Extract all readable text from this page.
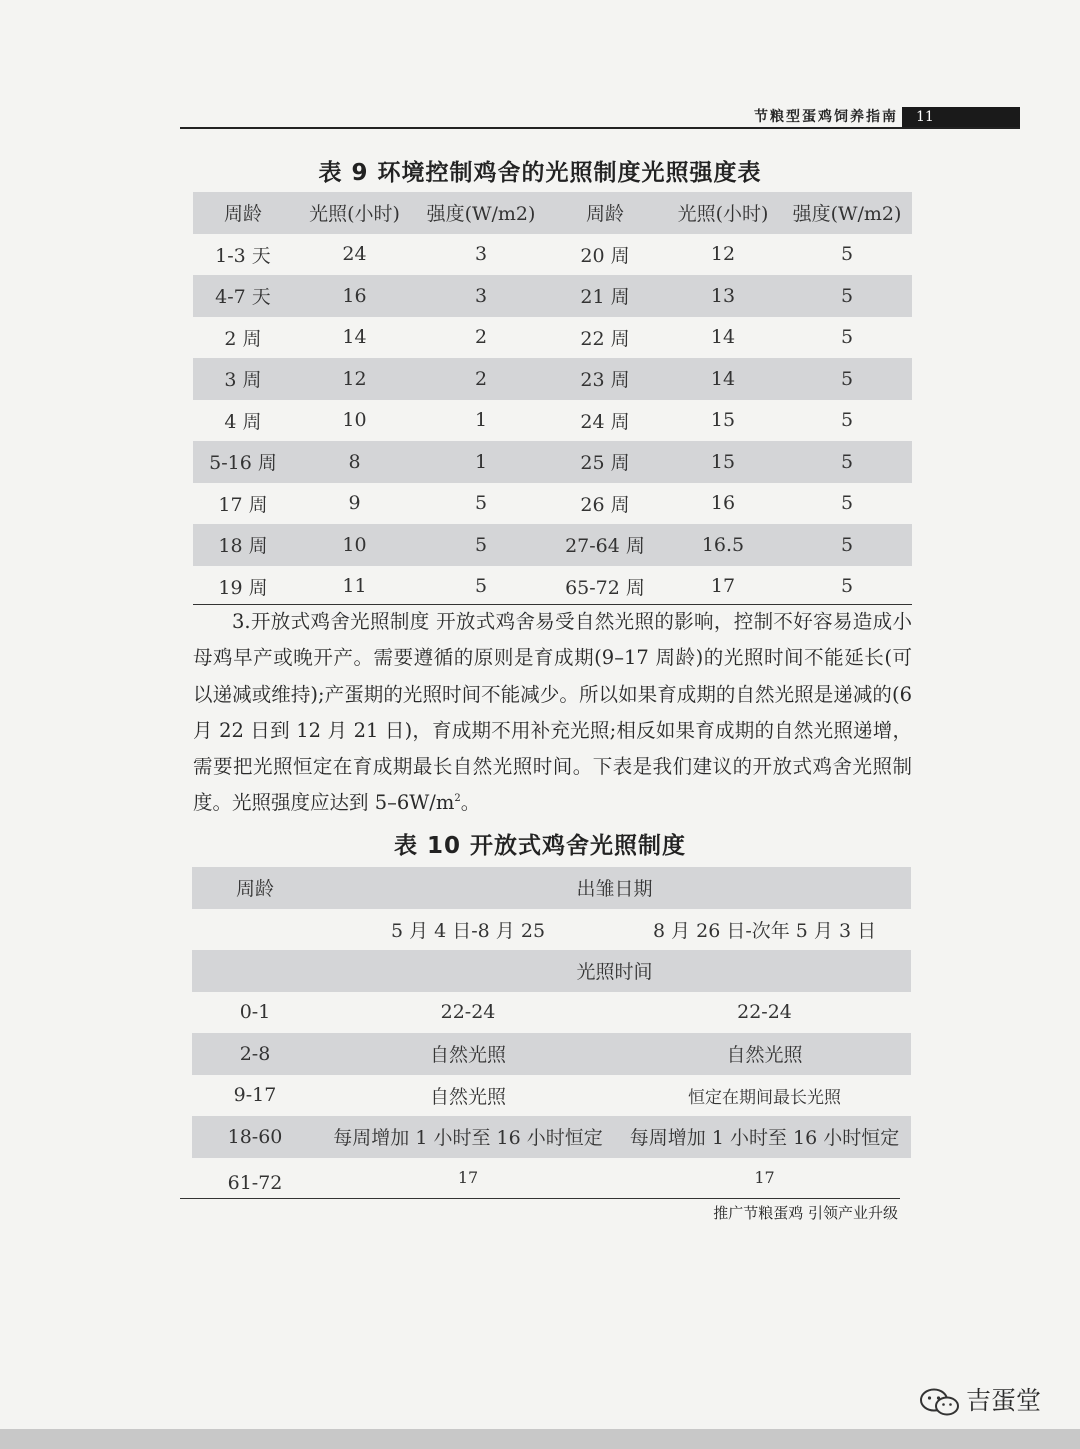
节粮型蛋鸡饲养指南	11
表 9 环境控制鸡舍的光照制度光照强度表
周龄	光照(小时)	强度(W/m2)	周龄	光照(小时)	强度(W/m2)
1-3 天	24	3	20 周	12	5
4-7 天	16	3	21 周	13	5
2 周	14	2	22 周	14	5
3 周	12	2	23 周	14	5
4 周	10	1	24 周	15	5
5-16 周	8	1	25 周	15	5
17 周	9	5	26 周	16	5
18 周	10	5	27-64 周	16.5	5
19 周	11	5	65-72 周	17	5

3.开放式鸡舍光照制度 开放式鸡舍易受自然光照的影响，控制不好容易造成小母鸡早产或晚开产。需要遵循的原则是育成期(9–17 周龄)的光照时间不能延长(可以递减或维持);产蛋期的光照时间不能减少。所以如果育成期的自然光照是递减的(6 月 22 日到 12 月 21 日)，育成期不用补充光照;相反如果育成期的自然光照递增，需要把光照恒定在育成期最长自然光照时间。下表是我们建议的开放式鸡舍光照制度。光照强度应达到 $5-6W/m^2$。

表 10 开放式鸡舍光照制度
周龄	出雏日期	
	5 月 4 日-8 月 25	8 月 26 日-次年 5 月 3 日
	光照时间	
0-1	22-24	22-24
2-8	自然光照	自然光照
9-17	自然光照	恒定在期间最长光照
18-60	每周增加 1 小时至 16 小时恒定	每周增加 1 小时至 16 小时恒定
61-72	17	17
推广节粮蛋鸡 引领产业升级
吉蛋堂
